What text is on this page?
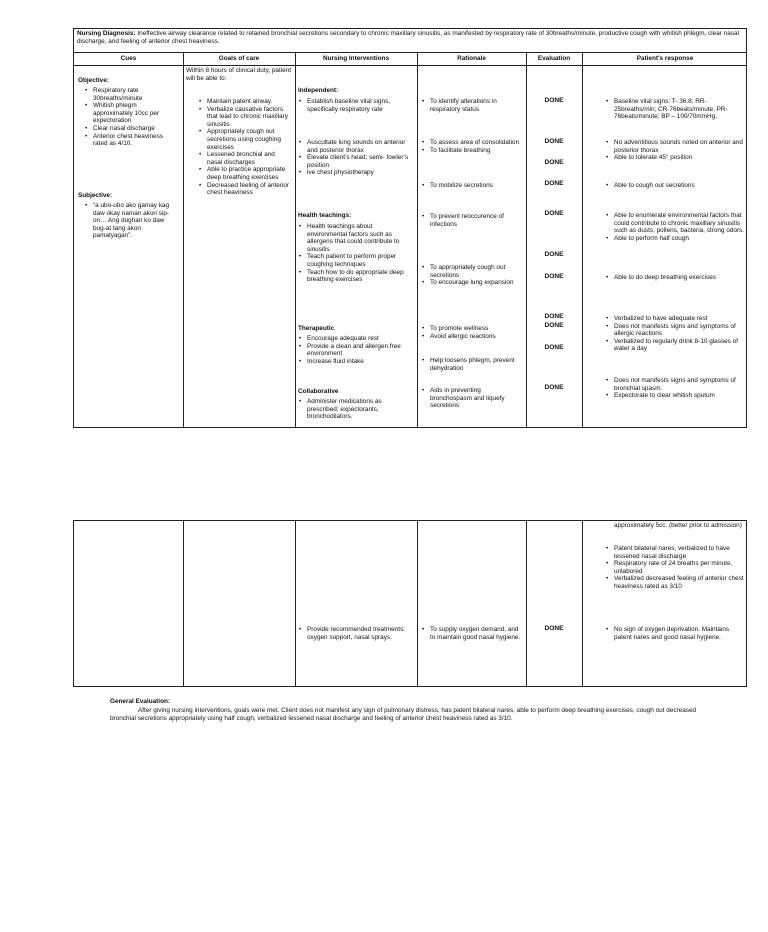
Nursing Diagnosis: Ineffective airway clearance related to retained bronchial secretions secondary to chronic maxillary sinusitis, as manifested by respiratory rate of 30breaths/minute, productive cough with whitish phlegm, clear nasal discharge, and feeling of anterior chest heaviness.
Cues	Goals of care	Nursing Interventions	Rationale	Evaluation	Patient's response
Objective:
• Respiratory rate 30breaths/minute
• Whitish phlegm approximately 10cc per expectoration
• Clear nasal discharge
• Anterior chest heaviness rated as 4/10.
Subjective:
• “a ubo-ubo ako gamay kag daw okay naman akon sip-on… Ang dughan ko daw bug-at tang akon pamatyagan”.
Within 8 hours of clinical duty, patient will be able to:
• Maintain patent airway.
• Verbalize causative factors that lead to chronic maxillary sinusitis
• Appropriately cough out secretions using coughing exercises
• Lessened bronchial and nasal discharges
• Able to practice appropriate deep breathing exercises
• Decreased feeling of anterior chest heaviness
Independent:
• Establish baseline vital signs, specifically respiratory rate
• Auscultate lung sounds on anterior and posterior thorax
• Elevate client’s head; semi- fowler’s position
• ive chest physiotherapy
Health teachings:
• Health teachings about environmental factors such as allergens that could contribute to sinusitis
• Teach patient to perform proper coughing techniques
• Teach how to do appropriate deep breathing exercises
Therapeutic
• Encourage adequate rest
• Provide a clean and allergen free environment
• Increase fluid intake
Collaborative
• Administer medications as prescribed; expectorants, bronchodilators.
• To identify alterations in respiratory status
• To assess area of consolidation
• To facilitate breathing
• To mobilize secretions
• To prevent reoccurence of infections
• To appropriately cough out secretions
• To encourage lung expansion
• To promote wellness
• Avoid allergic reactions
• Help loosens phlegm, prevent dehydration
• Aids in preventing bronchospasm and liquefy secretions
DONE
DONE
DONE
DONE
DONE
DONE
DONE
DONE
DONE
DONE
DONE
• Baseline vital signs: T- 36.8; RR- 25breaths/min; CR-76beats/minute; PR-76beats/minute; BP – 100/70mmHg.
• No adventitious sounds noted on anterior and posterior thorax
• Able to tolerate 45° position
• Able to cough out secretions
• Able to enumerate environmental factors that could contribute to chronic maxillary sinusitis such as dusts, pollens, bacteria, strong odors.
• Able to perform half cough
• Able to do deep breathing exercises
• Verbalized to have adequate rest
• Does not manifests signs and symptoms of allergic reactions
• Verbalized to regularly drink 8-10 glasses of water a day
• Does not manifests signs and symptoms of bronchial spasm.
• Expectorate to clear whitish sputum
approximately 5cc. (better prior to admission)
• Patent bilateral nares, verbalized to have lessened nasal discharge
• Respiratory rate of 24 breaths per minute, unlabored.
• Verbalized decreased feeling of anterior chest heaviness rated as 3/10
• Provide recommended treatments: oxygen support, nasal sprays.
• To supply oxygen demand, and to maintain good nasal hygiene.
DONE
•	No sign of oxygen deprivation. Maintains patent nares and good nasal hygiene.
General Evaluation:
After giving nursing interventions, goals were met. Client does not manifest any sign of pulmonary distress, has patent bilateral nares, able to perform deep breathing exercises, cough out decreased bronchial secretions appropriately using half cough, verbalized lessened nasal discharge and feeling of anterior chest heaviness rated as 3/10.
